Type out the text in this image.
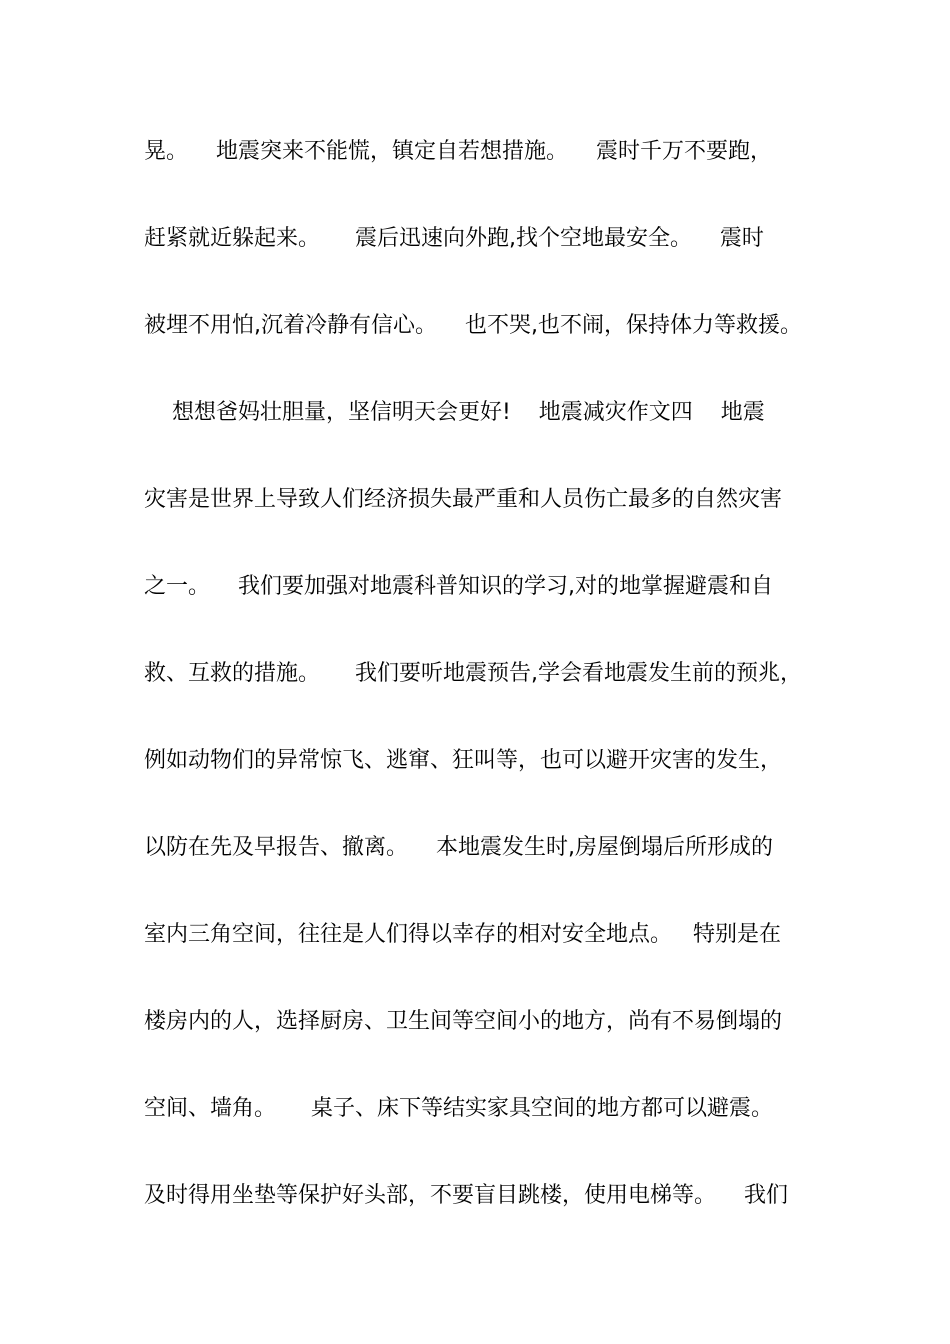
晃。    地震突来不能慌，镇定自若想措施。    震时千万不要跑，
赶紧就近躲起来。     震后迅速向外跑,找个空地最安全。    震时
被埋不用怕,沉着冷静有信心。    也不哭,也不闹，保持体力等救援。
想想爸妈壮胆量，坚信明天会更好!    地震减灾作文四    地震
灾害是世界上导致人们经济损失最严重和人员伤亡最多的自然灾害
之一。    我们要加强对地震科普知识的学习,对的地掌握避震和自
救、互救的措施。     我们要听地震预告,学会看地震发生前的预兆，
例如动物们的异常惊飞、逃窜、狂叫等，也可以避开灾害的发生，
以防在先及早报告、撤离。    本地震发生时,房屋倒塌后所形成的
室内三角空间，往往是人们得以幸存的相对安全地点。   特别是在
楼房内的人，选择厨房、卫生间等空间小的地方，尚有不易倒塌的
空间、墙角。     桌子、床下等结实家具空间的地方都可以避震。
及时得用坐垫等保护好头部，不要盲目跳楼，使用电梯等。    我们
